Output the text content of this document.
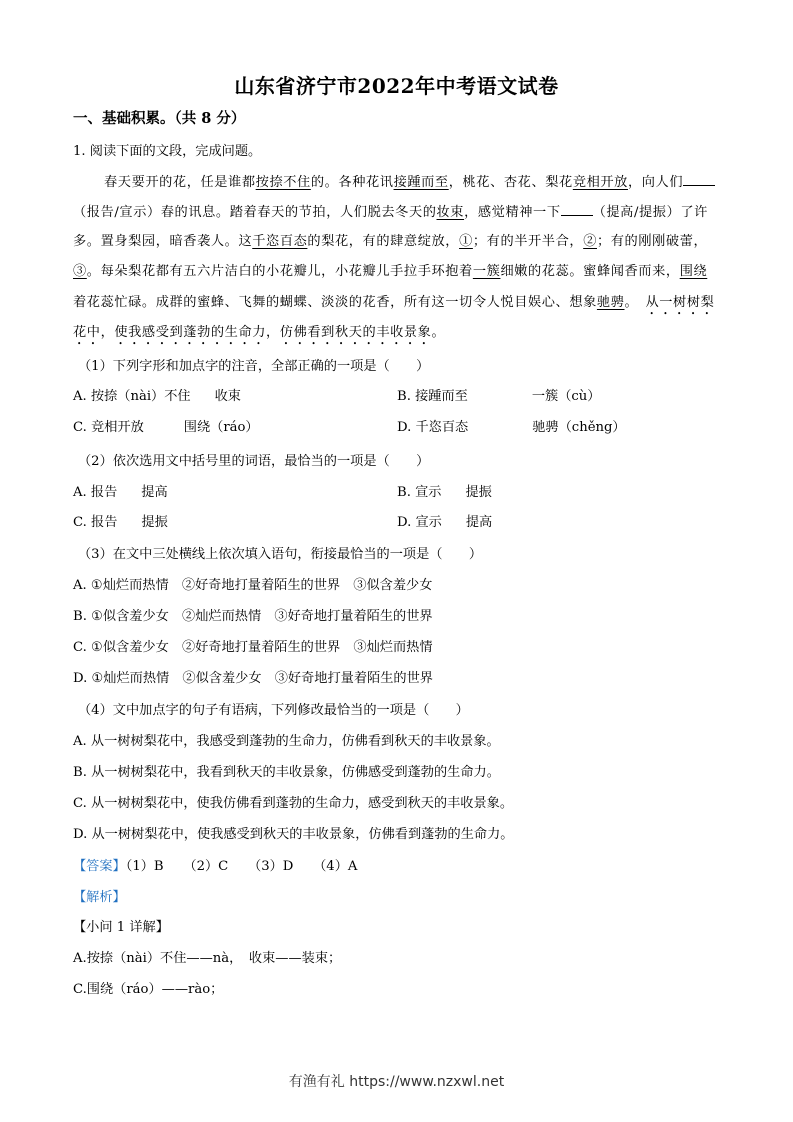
山东省济宁市2022年中考语文试卷
一、基础积累。（共 8 分）
1. 阅读下面的文段，完成问题。
春天要开的花，任是谁都按捺不住的。各种花讯接踵而至，桃花、杏花、梨花竞相开放，向人们
（报告/宣示）春的讯息。踏着春天的节拍，人们脱去冬天的妆束，感觉精神一下 （提高/提振）了许
多。置身梨园，暗香袭人。这千恣百态的梨花，有的肆意绽放，①；有的半开半合，②；有的刚刚破蕾，
③。每朵梨花都有五六片洁白的小花瓣儿，小花瓣儿手拉手环抱着一簇细嫩的花蕊。蜜蜂闻香而来，围绕
着花蕊忙碌。成群的蜜蜂、飞舞的蝴蝶、淡淡的花香，所有这一切令人悦目娱心、想象驰骋。　 从一树树梨
花中，使我感受到蓬勃的生命力，仿佛看到秋天的丰收景象。
（1）下列字形和加点字的注音，全部正确的一项是（　　）
A. 按捺（nài）不住 收束	B. 接踵而至	一簇（cù）
C. 竞相开放	围绕（ráo）	D. 千恣百态	驰骋（chěng）
（2）依次选用文中括号里的词语，最恰当的一项是（　　）
A. 报告 提高	B. 宣示 提振
C. 报告 提振	D. 宣示 提高
（3）在文中三处横线上依次填入语句，衔接最恰当的一项是（　　）
A. ①灿烂而热情　②好奇地打量着陌生的世界　③似含羞少女
B. ①似含羞少女　②灿烂而热情　③好奇地打量着陌生的世界
C. ①似含羞少女　②好奇地打量着陌生的世界　③灿烂而热情
D. ①灿烂而热情　②似含羞少女　③好奇地打量着陌生的世界
（4）文中加点字的句子有语病，下列修改最恰当的一项是（　　）
A. 从一树树梨花中，我感受到蓬勃的生命力，仿佛看到秋天的丰收景象。
B. 从一树树梨花中，我看到秋天的丰收景象，仿佛感受到蓬勃的生命力。
C. 从一树树梨花中，使我仿佛看到蓬勃的生命力，感受到秋天的丰收景象。
D. 从一树树梨花中，使我感受到秋天的丰收景象，仿佛看到蓬勃的生命力。
【答案】（1）B　　（2）C　　（3）D　　（4）A
【解析】
【小问 1 详解】
A.按捺（nài）不住——nà，　收束——装束；
C.围绕（ráo）——rào；
有渔有礼 https://www.nzxwl.net
